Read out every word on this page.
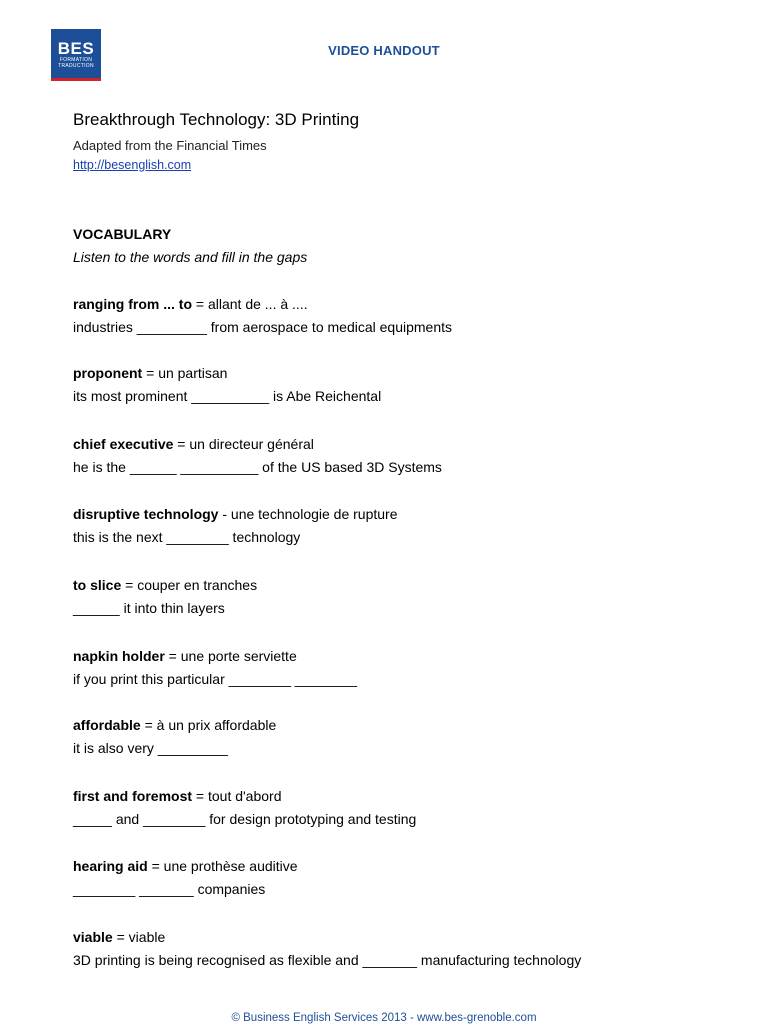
BES
FORMATION
TRADUCTION
VIDEO HANDOUT
Breakthrough Technology: 3D Printing
Adapted from the Financial Times
http://besenglish.com
VOCABULARY
Listen to the words and fill in the gaps
ranging from ... to = allant de ... à ....
industries _________ from aerospace to medical equipments
proponent = un partisan
its most prominent __________ is Abe Reichental
chief executive = un directeur général
he is the ______ __________ of the US based 3D Systems
disruptive technology - une technologie de rupture
this is the next ________ technology
to slice = couper en tranches
______ it into thin layers
napkin holder = une porte serviette
if you print this particular ________ ________
affordable = à un prix affordable
it is also very _________
first and foremost = tout d'abord
_____ and ________ for design prototyping and testing
hearing aid = une prothèse auditive
________ _______ companies
viable = viable
3D printing is being recognised as flexible and _______ manufacturing technology
© Business English Services 2013 - www.bes-grenoble.com
